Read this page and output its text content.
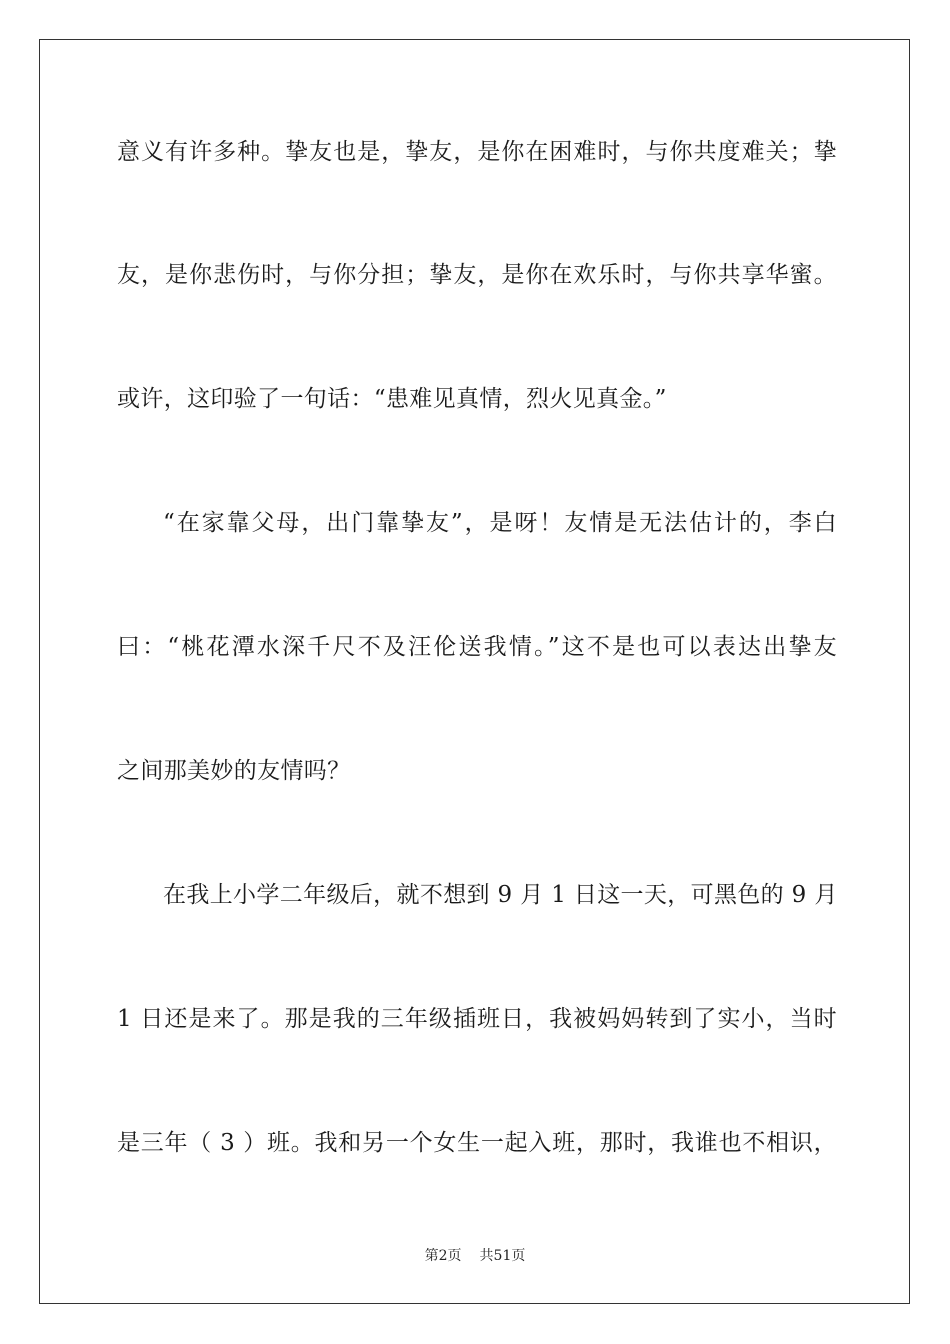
意义有许多种。挚友也是，挚友，是你在困难时，与你共度难关；挚
友，是你悲伤时，与你分担；挚友，是你在欢乐时，与你共享华蜜。
或许，这印验了一句话：“患难见真情，烈火见真金。”
“在家靠父母，出门靠挚友”，是呀！友情是无法估计的，李白
曰：“桃花潭水深千尺不及汪伦送我情。”这不是也可以表达出挚友
之间那美妙的友情吗？
在我上小学二年级后，就不想到 9 月 1 日这一天，可黑色的 9 月
1 日还是来了。那是我的三年级插班日，我被妈妈转到了实小，当时
是三年（ 3 ）班。我和另一个女生一起入班，那时，我谁也不相识，
第2页 共51页
